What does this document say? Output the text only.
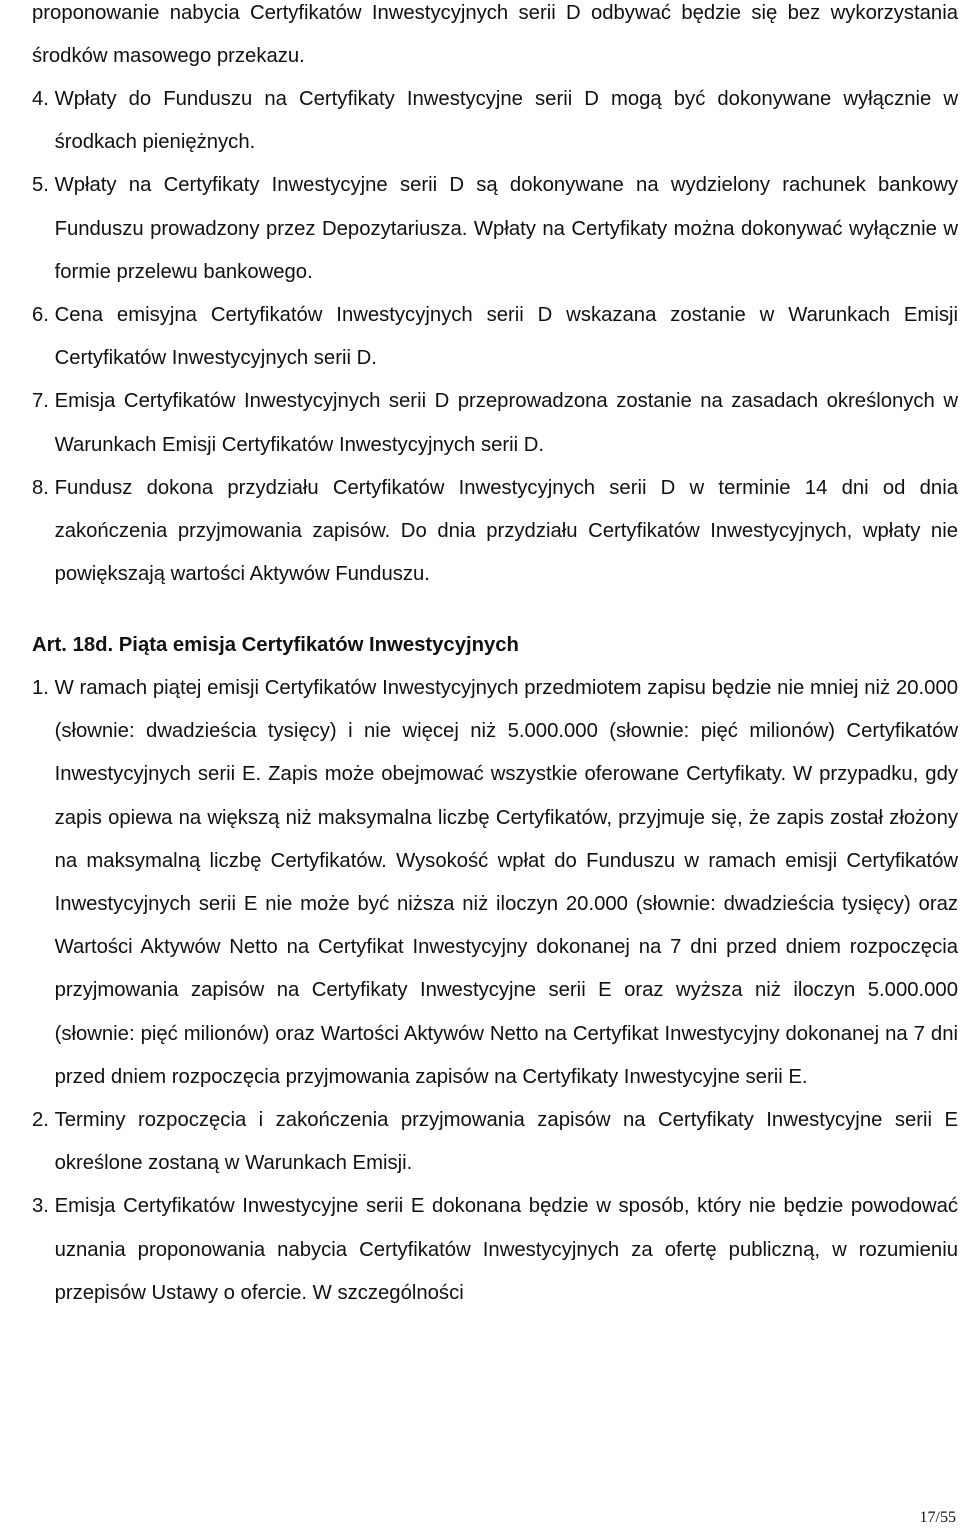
proponowanie nabycia Certyfikatów Inwestycyjnych serii D odbywać będzie się bez wykorzystania środków masowego przekazu.

4. Wpłaty do Funduszu na Certyfikaty Inwestycyjne serii D mogą być dokonywane wyłącznie w środkach pieniężnych.
5. Wpłaty na Certyfikaty Inwestycyjne serii D są dokonywane na wydzielony rachunek bankowy Funduszu prowadzony przez Depozytariusza. Wpłaty na Certyfikaty można dokonywać wyłącznie w formie przelewu bankowego.
6. Cena emisyjna Certyfikatów Inwestycyjnych serii D wskazana zostanie w Warunkach Emisji Certyfikatów Inwestycyjnych serii D.
7. Emisja Certyfikatów Inwestycyjnych serii D przeprowadzona zostanie na zasadach określonych w Warunkach Emisji Certyfikatów Inwestycyjnych serii D.
8. Fundusz dokona przydziału Certyfikatów Inwestycyjnych serii D w terminie 14 dni od dnia zakończenia przyjmowania zapisów. Do dnia przydziału Certyfikatów Inwestycyjnych, wpłaty nie powiększają wartości Aktywów Funduszu.
Art. 18d. Piąta emisja Certyfikatów Inwestycyjnych
1. W ramach piątej emisji Certyfikatów Inwestycyjnych przedmiotem zapisu będzie nie mniej niż 20.000 (słownie: dwadzieścia tysięcy) i nie więcej niż 5.000.000 (słownie: pięć milionów) Certyfikatów Inwestycyjnych serii E. Zapis może obejmować wszystkie oferowane Certyfikaty. W przypadku, gdy zapis opiewa na większą niż maksymalna liczbę Certyfikatów, przyjmuje się, że zapis został złożony na maksymalną liczbę Certyfikatów. Wysokość wpłat do Funduszu w ramach emisji Certyfikatów Inwestycyjnych serii E nie może być niższa niż iloczyn 20.000 (słownie: dwadzieścia tysięcy) oraz Wartości Aktywów Netto na Certyfikat Inwestycyjny dokonanej na 7 dni przed dniem rozpoczęcia przyjmowania zapisów na Certyfikaty Inwestycyjne serii E oraz wyższa niż iloczyn 5.000.000 (słownie: pięć milionów) oraz Wartości Aktywów Netto na Certyfikat Inwestycyjny dokonanej na 7 dni przed dniem rozpoczęcia przyjmowania zapisów na Certyfikaty Inwestycyjne serii E.
2. Terminy rozpoczęcia i zakończenia przyjmowania zapisów na Certyfikaty Inwestycyjne serii E określone zostaną w Warunkach Emisji.
3. Emisja Certyfikatów Inwestycyjne serii E dokonana będzie w sposób, który nie będzie powodować uznania proponowania nabycia Certyfikatów Inwestycyjnych za ofertę publiczną, w rozumieniu przepisów Ustawy o ofercie. W szczególności
17/55
